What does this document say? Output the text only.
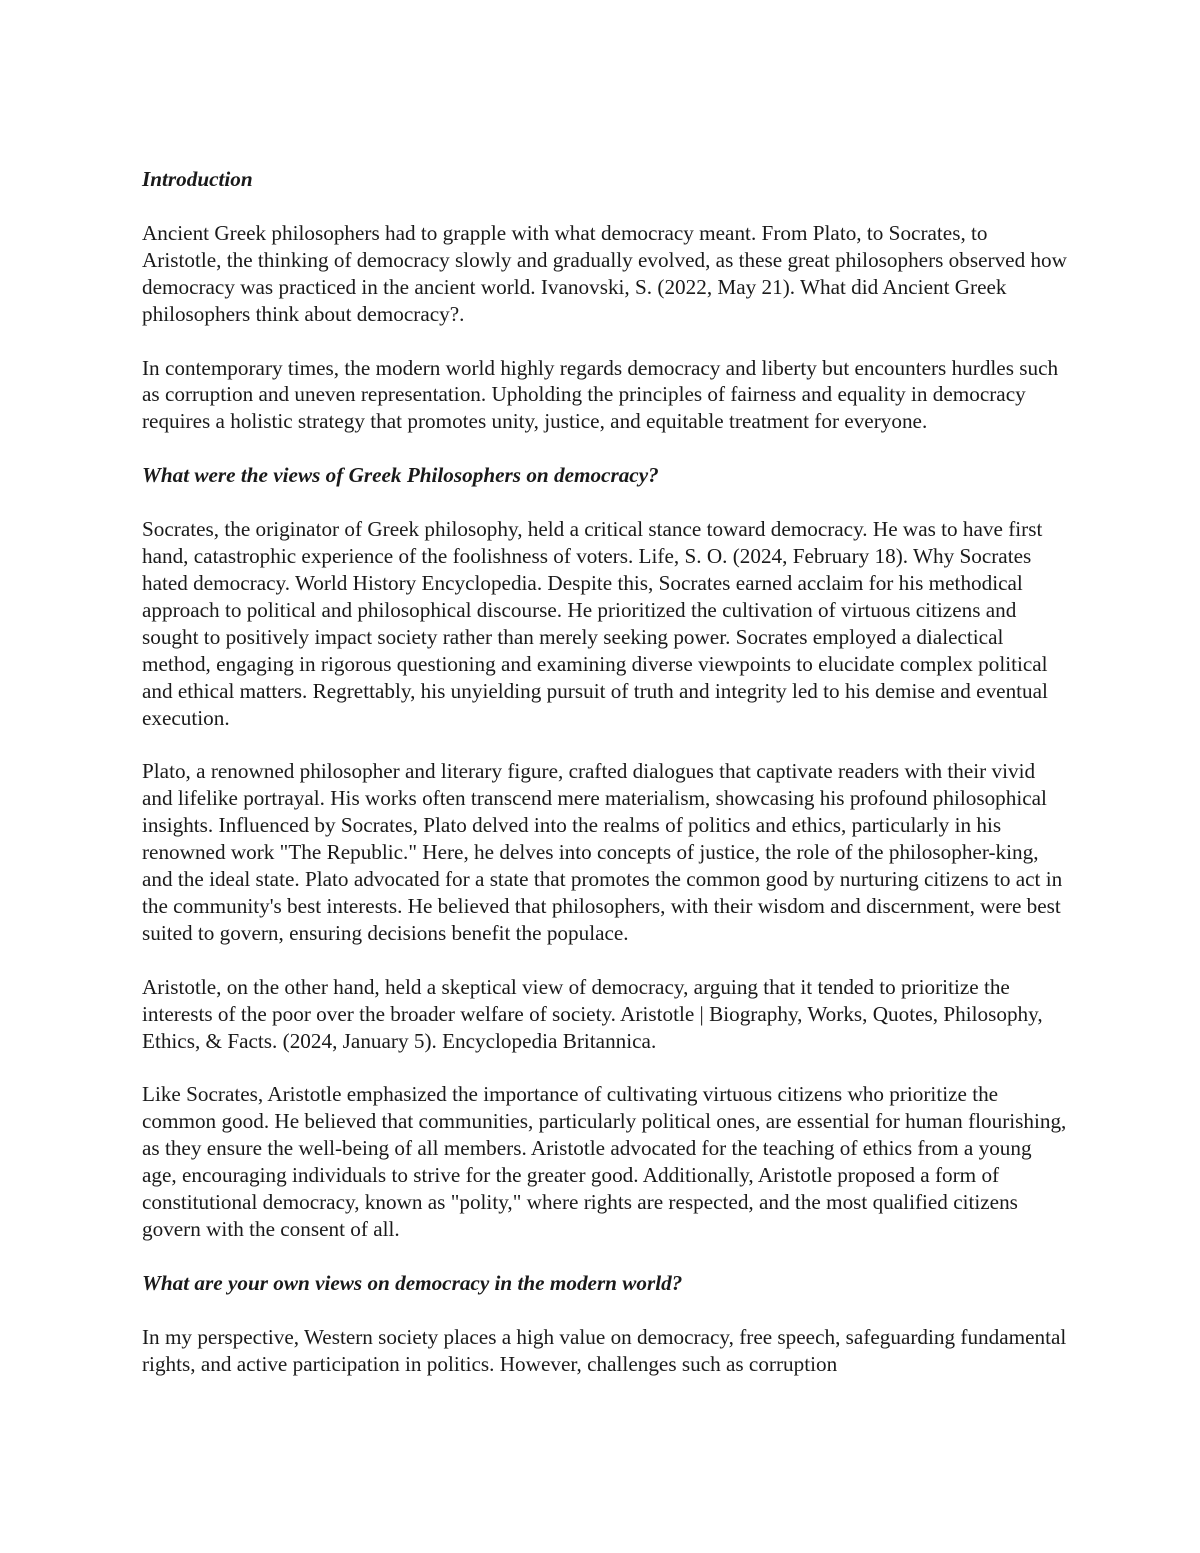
Introduction
Ancient Greek philosophers had to grapple with what democracy meant. From Plato, to Socrates, to Aristotle, the thinking of democracy slowly and gradually evolved, as these great philosophers observed how democracy was practiced in the ancient world. Ivanovski, S. (2022, May 21). What did Ancient Greek philosophers think about democracy?.
In contemporary times, the modern world highly regards democracy and liberty but encounters hurdles such as corruption and uneven representation. Upholding the principles of fairness and equality in democracy requires a holistic strategy that promotes unity, justice, and equitable treatment for everyone.
What were the views of Greek Philosophers on democracy?
Socrates, the originator of Greek philosophy, held a critical stance toward democracy. He was to have first hand, catastrophic experience of the foolishness of voters. Life, S. O. (2024, February 18). Why Socrates hated democracy. World History Encyclopedia. Despite this, Socrates earned acclaim for his methodical approach to political and philosophical discourse. He prioritized the cultivation of virtuous citizens and sought to positively impact society rather than merely seeking power. Socrates employed a dialectical method, engaging in rigorous questioning and examining diverse viewpoints to elucidate complex political and ethical matters. Regrettably, his unyielding pursuit of truth and integrity led to his demise and eventual execution.
Plato, a renowned philosopher and literary figure, crafted dialogues that captivate readers with their vivid and lifelike portrayal. His works often transcend mere materialism, showcasing his profound philosophical insights. Influenced by Socrates, Plato delved into the realms of politics and ethics, particularly in his renowned work "The Republic." Here, he delves into concepts of justice, the role of the philosopher-king, and the ideal state. Plato advocated for a state that promotes the common good by nurturing citizens to act in the community's best interests. He believed that philosophers, with their wisdom and discernment, were best suited to govern, ensuring decisions benefit the populace.
Aristotle, on the other hand, held a skeptical view of democracy, arguing that it tended to prioritize the interests of the poor over the broader welfare of society. Aristotle | Biography, Works, Quotes, Philosophy, Ethics, & Facts. (2024, January 5). Encyclopedia Britannica.
Like Socrates, Aristotle emphasized the importance of cultivating virtuous citizens who prioritize the common good. He believed that communities, particularly political ones, are essential for human flourishing, as they ensure the well-being of all members. Aristotle advocated for the teaching of ethics from a young age, encouraging individuals to strive for the greater good. Additionally, Aristotle proposed a form of constitutional democracy, known as "polity," where rights are respected, and the most qualified citizens govern with the consent of all.
What are your own views on democracy in the modern world?
In my perspective, Western society places a high value on democracy, free speech, safeguarding fundamental rights, and active participation in politics. However, challenges such as corruption
